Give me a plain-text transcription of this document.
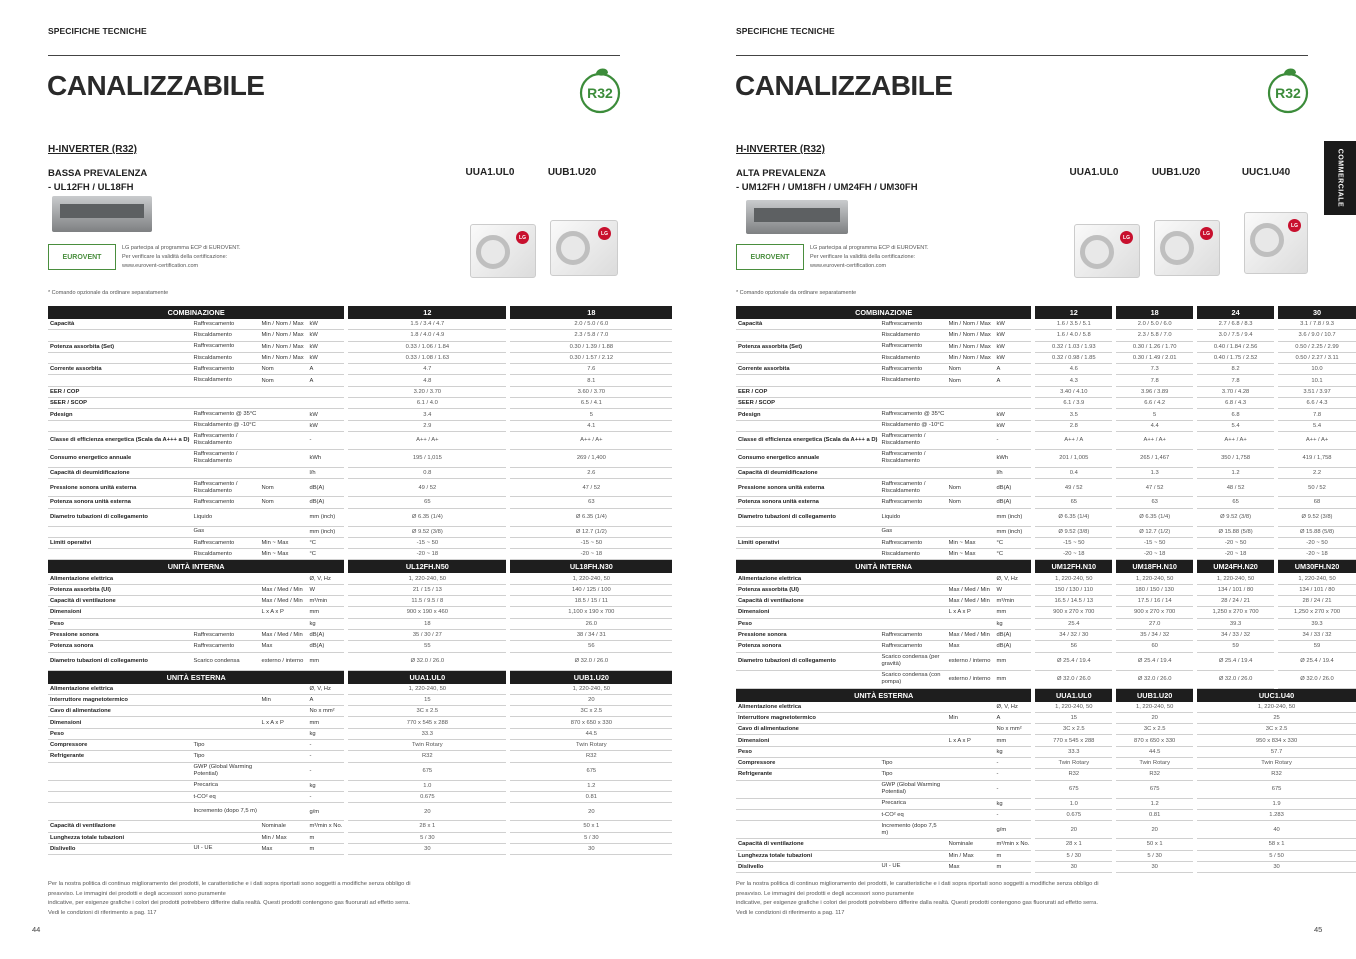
SPECIFICHE TECNICHE
CANALIZZABILE	R32
H-INVERTER (R32)
BASSA PREVALENZA
- UL12FH / UL18FH
UUA1.UL0	UUB1.U20
EUROVENT
LG partecipa al programma ECP di EUROVENT.
Per verificare la validità della certificazione:
www.eurovent-certification.com
LG
LG
* Comando opzionale da ordinare separatamente
COMBINAZIONE					12		18
Capacità	Raffrescamento	Min / Nom / Max	kW		1.5 / 3.4 / 4.7		2.0 / 5.0 / 6.0
	Riscaldamento	Min / Nom / Max	kW		1.8 / 4.0 / 4.9		2.3 / 5.8 / 7.0
Potenza assorbita (Set)	Raffrescamento	Min / Nom / Max	kW		0.33 / 1.06 / 1.84		0.30 / 1.39 / 1.88
	Riscaldamento	Min / Nom / Max	kW		0.33 / 1.08 / 1.63		0.30 / 1.57 / 2.12
Corrente assorbita	Raffrescamento	Nom	A		4.7		7.6
	Riscaldamento	Nom	A		4.8		8.1
EER / COP					3.20 / 3.70		3.60 / 3.70
SEER / SCOP					6.1 / 4.0		6.5 / 4.1
Pdesign	Raffrescamento @ 35°C		kW		3.4		5
	Riscaldamento @ -10°C		kW		2.9		4.1
Classe di efficienza energetica (Scala da A+++ a D)	Raffrescamento / Riscaldamento		-		A++ / A+		A++ / A+
Consumo energetico annuale	Raffrescamento / Riscaldamento		kWh		195 / 1,015		269 / 1,400
Capacità di deumidificazione			l/h		0.8		2.6
Pressione sonora unità esterna	Raffrescamento / Riscaldamento	Nom	dB(A)		49 / 52		47 / 52
Potenza sonora unità esterna	Raffrescamento	Nom	dB(A)		65		63
Diametro tubazioni di collegamento	Liquido		mm (inch)		Ø 6.35 (1/4)		Ø 6.35 (1/4)
	Gas		mm (inch)		Ø 9.52 (3/8)		Ø 12.7 (1/2)
Limiti operativi	Raffrescamento	Min ~ Max	°C		-15 ~ 50		-15 ~ 50
	Riscaldamento	Min ~ Max	°C		-20 ~ 18		-20 ~ 18
UNITÀ INTERNA					UL12FH.N50		UL18FH.N30
Alimentazione elettrica			Ø, V, Hz		1, 220-240, 50		1, 220-240, 50
Potenza assorbita (UI)		Max / Med / Min	W		21 / 15 / 13		140 / 125 / 100
Capacità di ventilazione		Max / Med / Min	m³/min		11.5 / 9.5 / 8		18.5 / 15 / 11
Dimensioni		L x A x P	mm		900 x 190 x 460		1,100 x 190 x 700
Peso			kg		18		26.0
Pressione sonora	Raffrescamento	Max / Med / Min	dB(A)		35 / 30 / 27		38 / 34 / 31
Potenza sonora	Raffrescamento	Max	dB(A)		55		56
Diametro tubazioni di collegamento	Scarico condensa	esterno / interno	mm		Ø 32.0 / 26.0		Ø 32.0 / 26.0
UNITÀ ESTERNA					UUA1.UL0		UUB1.U20
Alimentazione elettrica			Ø, V, Hz		1, 220-240, 50		1, 220-240, 50
Interruttore magnetotermico		Min	A		15		20
Cavo di alimentazione			No x mm²		3C x 2.5		3C x 2.5
Dimensioni		L x A x P	mm		770 x 545 x 288		870 x 650 x 330
Peso			kg		33.3		44.5
Compressore	Tipo		-		Twin Rotary		Twin Rotary
Refrigerante	Tipo		-		R32		R32
	GWP (Global Warming Potential)		-		675		675
	Precarica		kg		1.0		1.2
	t-CO² eq		-		0.675		0.81
	Incremento (dopo 7,5 m)		g/m		20		20
Capacità di ventilazione		Nominale	m³/min x No.		28 x 1		50 x 1
Lunghezza totale tubazioni		Min / Max	m		5 / 30		5 / 30
Dislivello	UI - UE	Max	m		30		30
Per la nostra politica di continuo miglioramento dei prodotti, le caratteristiche e i dati sopra riportati sono soggetti a modifiche senza obbligo di
preavviso. Le immagini dei prodotti e degli accessori sono puramente
indicative, per esigenze grafiche i colori dei prodotti potrebbero differire dalla realtà. Questi prodotti contengono gas fluorurati ad effetto serra.
Vedi le condizioni di riferimento a pag. 117
44
SPECIFICHE TECNICHE
CANALIZZABILE	R32
COMMERCIALE
H-INVERTER (R32)
ALTA PREVALENZA
- UM12FH / UM18FH / UM24FH / UM30FH
UUA1.UL0	UUB1.U20	UUC1.U40
EUROVENT
LG partecipa al programma ECP di EUROVENT.
Per verificare la validità della certificazione:
www.eurovent-certification.com
LG
LG
LG
* Comando opzionale da ordinare separatamente
COMBINAZIONE					12		18		24		30
Capacità	Raffrescamento	Min / Nom / Max	kW		1.6 / 3.5 / 5.1		2.0 / 5.0 / 6.0		2.7 / 6.8 / 8.3		3.1 / 7.8 / 9.3
	Riscaldamento	Min / Nom / Max	kW		1.6 / 4.0 / 5.8		2.3 / 5.8 / 7.0		3.0 / 7.5 / 9.4		3.6 / 9.0 / 10.7
Potenza assorbita (Set)	Raffrescamento	Min / Nom / Max	kW		0.32 / 1.03 / 1.93		0.30 / 1.26 / 1.70		0.40 / 1.84 / 2.56		0.50 / 2.25 / 2.99
	Riscaldamento	Min / Nom / Max	kW		0.32 / 0.98 / 1.85		0.30 / 1.49 / 2.01		0.40 / 1.75 / 2.52		0.50 / 2.27 / 3.11
Corrente assorbita	Raffrescamento	Nom	A		4.6		7.3		8.2		10.0
	Riscaldamento	Nom	A		4.3		7.8		7.8		10.1
EER / COP					3.40 / 4.10		3.96 / 3.89		3.70 / 4.28		3.51 / 3.97
SEER / SCOP					6.1 / 3.9		6.6 / 4.2		6.8 / 4.3		6.6 / 4.3
Pdesign	Raffrescamento @ 35°C		kW		3.5		5		6.8		7.8
	Riscaldamento @ -10°C		kW		2.8		4.4		5.4		5.4
Classe di efficienza energetica (Scala da A+++ a D)	Raffrescamento / Riscaldamento		-		A++ / A		A++ / A+		A++ / A+		A++ / A+
Consumo energetico annuale	Raffrescamento / Riscaldamento		kWh		201 / 1,005		265 / 1,467		350 / 1,758		419 / 1,758
Capacità di deumidificazione			l/h		0.4		1.3		1.2		2.2
Pressione sonora unità esterna	Raffrescamento / Riscaldamento	Nom	dB(A)		49 / 52		47 / 52		48 / 52		50 / 52
Potenza sonora unità esterna	Raffrescamento	Nom	dB(A)		65		63		65		68
Diametro tubazioni di collegamento	Liquido		mm (inch)		Ø 6.35 (1/4)		Ø 6.35 (1/4)		Ø 9.52 (3/8)		Ø 9.52 (3/8)
	Gas		mm (inch)		Ø 9.52 (3/8)		Ø 12.7 (1/2)		Ø 15.88 (5/8)		Ø 15.88 (5/8)
Limiti operativi	Raffrescamento	Min ~ Max	°C		-15 ~ 50		-15 ~ 50		-20 ~ 50		-20 ~ 50
	Riscaldamento	Min ~ Max	°C		-20 ~ 18		-20 ~ 18		-20 ~ 18		-20 ~ 18
UNITÀ INTERNA					UM12FH.N10		UM18FH.N10		UM24FH.N20		UM30FH.N20
Alimentazione elettrica			Ø, V, Hz		1, 220-240, 50		1, 220-240, 50		1, 220-240, 50		1, 220-240, 50
Potenza assorbita (UI)		Max / Med / Min	W		150 / 130 / 110		180 / 150 / 130		134 / 101 / 80		134 / 101 / 80
Capacità di ventilazione		Max / Med / Min	m³/min		16.5 / 14.5 / 13		17.5 / 16 / 14		28 / 24 / 21		28 / 24 / 21
Dimensioni		L x A x P	mm		900 x 270 x 700		900 x 270 x 700		1,250 x 270 x 700		1,250 x 270 x 700
Peso			kg		25.4		27.0		39.3		39.3
Pressione sonora	Raffrescamento	Max / Med / Min	dB(A)		34 / 32 / 30		35 / 34 / 32		34 / 33 / 32		34 / 33 / 32
Potenza sonora	Raffrescamento	Max	dB(A)		56		60		59		59
Diametro tubazioni di collegamento	Scarico condensa (per gravità)	esterno / interno	mm		Ø 25.4 / 19.4		Ø 25.4 / 19.4		Ø 25.4 / 19.4		Ø 25.4 / 19.4
	Scarico condensa (con pompa)	esterno / interno	mm		Ø 32.0 / 26.0		Ø 32.0 / 26.0		Ø 32.0 / 26.0		Ø 32.0 / 26.0
UNITÀ ESTERNA					UUA1.UL0		UUB1.U20		UUC1.U40		
Alimentazione elettrica			Ø, V, Hz		1, 220-240, 50		1, 220-240, 50		1, 220-240, 50		
Interruttore magnetotermico		Min	A		15		20		25		
Cavo di alimentazione			No x mm²		3C x 2.5		3C x 2.5		3C x 2.5		
Dimensioni		L x A x P	mm		770 x 545 x 288		870 x 650 x 330		950 x 834 x 330		
Peso			kg		33.3		44.5		57.7		
Compressore	Tipo		-		Twin Rotary		Twin Rotary		Twin Rotary		
Refrigerante	Tipo		-		R32		R32		R32		
	GWP (Global Warming Potential)		-		675		675		675		
	Precarica		kg		1.0		1.2		1.9		
	t-CO² eq		-		0.675		0.81		1.283		
	Incremento (dopo 7,5 m)		g/m		20		20		40		
Capacità di ventilazione		Nominale	m³/min x No.		28 x 1		50 x 1		58 x 1		
Lunghezza totale tubazioni		Min / Max	m		5 / 30		5 / 30		5 / 50		
Dislivello	UI - UE	Max	m		30		30		30		
Per la nostra politica di continuo miglioramento dei prodotti, le caratteristiche e i dati sopra riportati sono soggetti a modifiche senza obbligo di
preavviso. Le immagini dei prodotti e degli accessori sono puramente
indicative, per esigenze grafiche i colori dei prodotti potrebbero differire dalla realtà. Questi prodotti contengono gas fluorurati ad effetto serra.
Vedi le condizioni di riferimento a pag. 117
45
